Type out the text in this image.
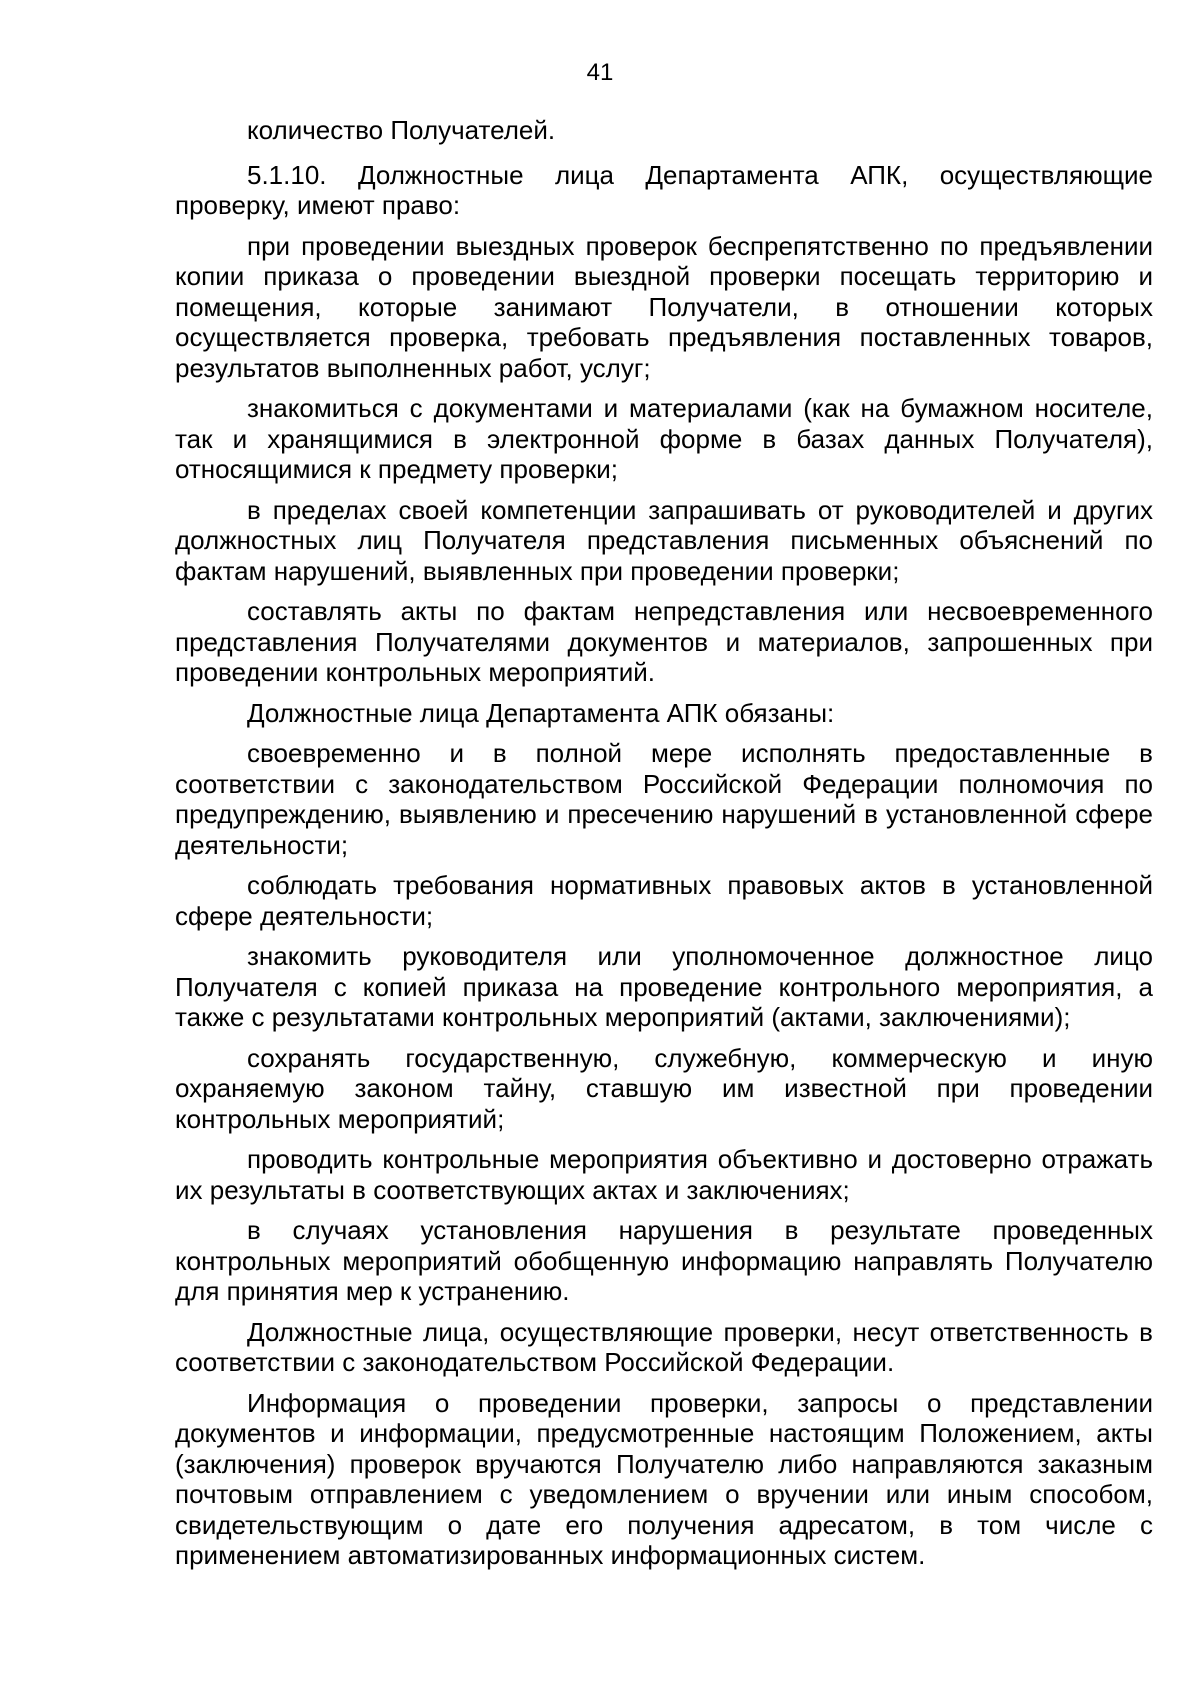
41

количество Получателей.

5.1.10. Должностные лица Департамента АПК, осуществляющие проверку, имеют право:

при проведении выездных проверок беспрепятственно по предъявлении копии приказа о проведении выездной проверки посещать территорию и помещения, которые занимают Получатели, в отношении которых осуществляется проверка, требовать предъявления поставленных товаров, результатов выполненных работ, услуг;

знакомиться с документами и материалами (как на бумажном носителе, так и хранящимися в электронной форме в базах данных Получателя), относящимися к предмету проверки;

в пределах своей компетенции запрашивать от руководителей и других должностных лиц Получателя представления письменных объяснений по фактам нарушений, выявленных при проведении проверки;

составлять акты по фактам непредставления или несвоевременного представления Получателями документов и материалов, запрошенных при проведении контрольных мероприятий.

Должностные лица Департамента АПК обязаны:

своевременно и в полной мере исполнять предоставленные в соответствии с законодательством Российской Федерации полномочия по предупреждению, выявлению и пресечению нарушений в установленной сфере деятельности;

соблюдать требования нормативных правовых актов в установленной сфере деятельности;

знакомить руководителя или уполномоченное должностное лицо Получателя с копией приказа на проведение контрольного мероприятия, а также с результатами контрольных мероприятий (актами, заключениями);

сохранять государственную, служебную, коммерческую и иную охраняемую законом тайну, ставшую им известной при проведении контрольных мероприятий;

проводить контрольные мероприятия объективно и достоверно отражать их результаты в соответствующих актах и заключениях;

в случаях установления нарушения в результате проведенных контрольных мероприятий обобщенную информацию направлять Получателю для принятия мер к устранению.

Должностные лица, осуществляющие проверки, несут ответственность в соответствии с законодательством Российской Федерации.

Информация о проведении проверки, запросы о представлении документов и информации, предусмотренные настоящим Положением, акты (заключения) проверок вручаются Получателю либо направляются заказным почтовым отправлением с уведомлением о вручении или иным способом, свидетельствующим о дате его получения адресатом, в том числе с применением автоматизированных информационных систем.
